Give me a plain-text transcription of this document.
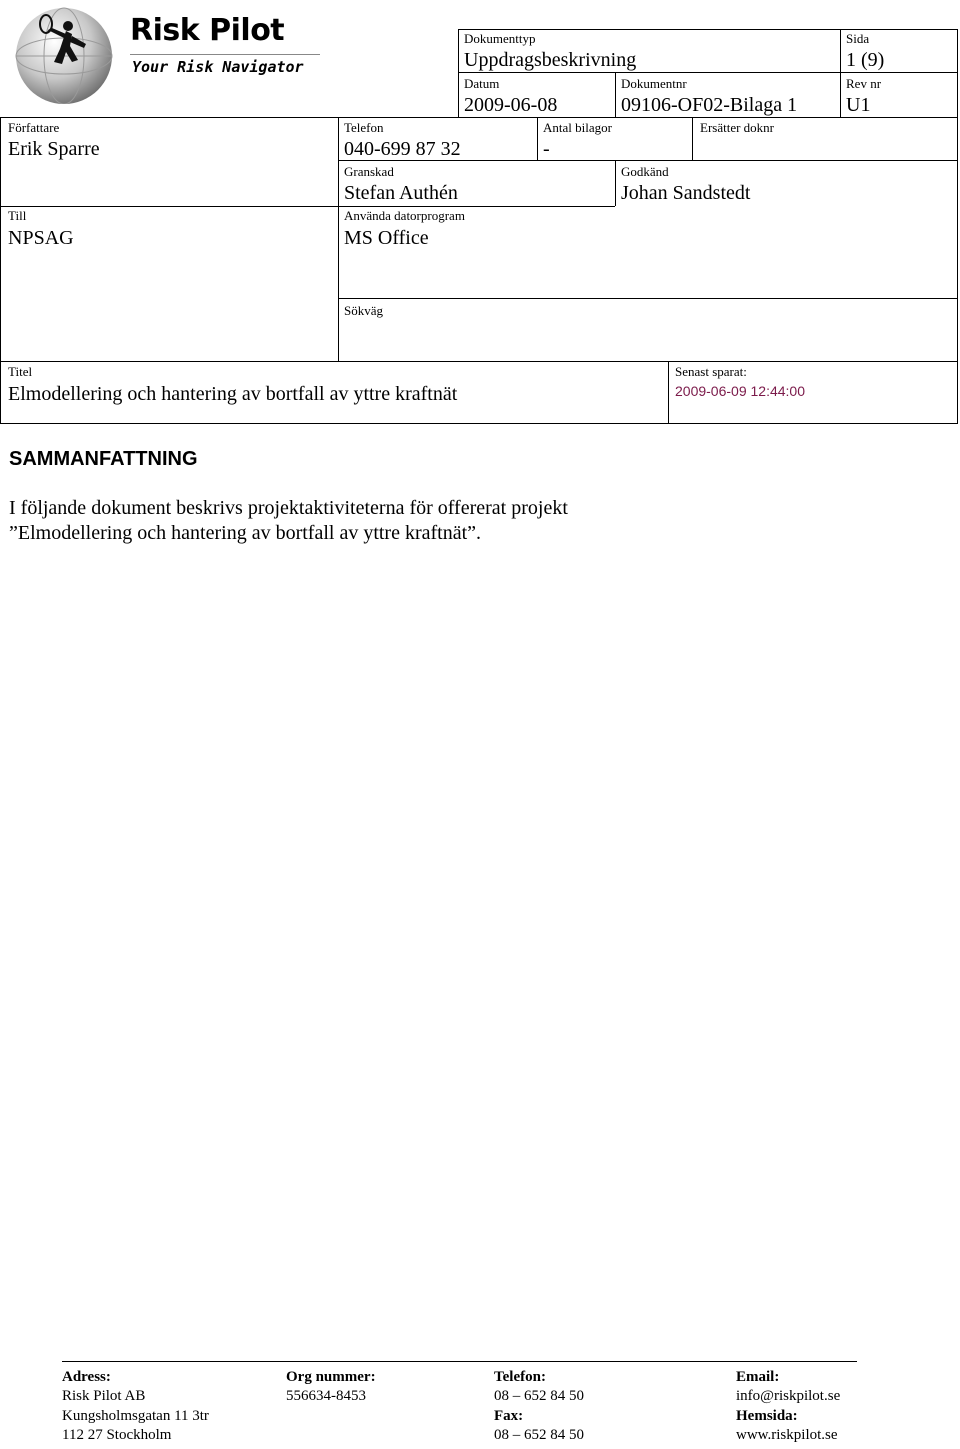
Risk Pilot
Your Risk Navigator
Dokumenttyp
Uppdragsbeskrivning
Sida
1 (9)
Datum
2009-06-08
Dokumentnr
09106-OF02-Bilaga 1
Rev nr
U1
Författare
Erik Sparre
Telefon
040-699 87 32
Antal bilagor
-
Ersätter doknr
Granskad
Stefan Authén
Godkänd
Johan Sandstedt
Till
NPSAG
Använda datorprogram
MS Office
Sökväg
Titel
Elmodellering och hantering av bortfall av yttre kraftnät
Senast sparat:
2009-06-09 12:44:00
SAMMANFATTNING
I följande dokument beskrivs projektaktiviteterna för offererat projekt
”Elmodellering och hantering av bortfall av yttre kraftnät”.
Adress:
Risk Pilot AB
Kungsholmsgatan 11 3tr
112 27 Stockholm
Org nummer:
556634-8453
Telefon:
08 – 652 84 50
Fax:
08 – 652 84 50
Email:
info@riskpilot.se
Hemsida:
www.riskpilot.se
